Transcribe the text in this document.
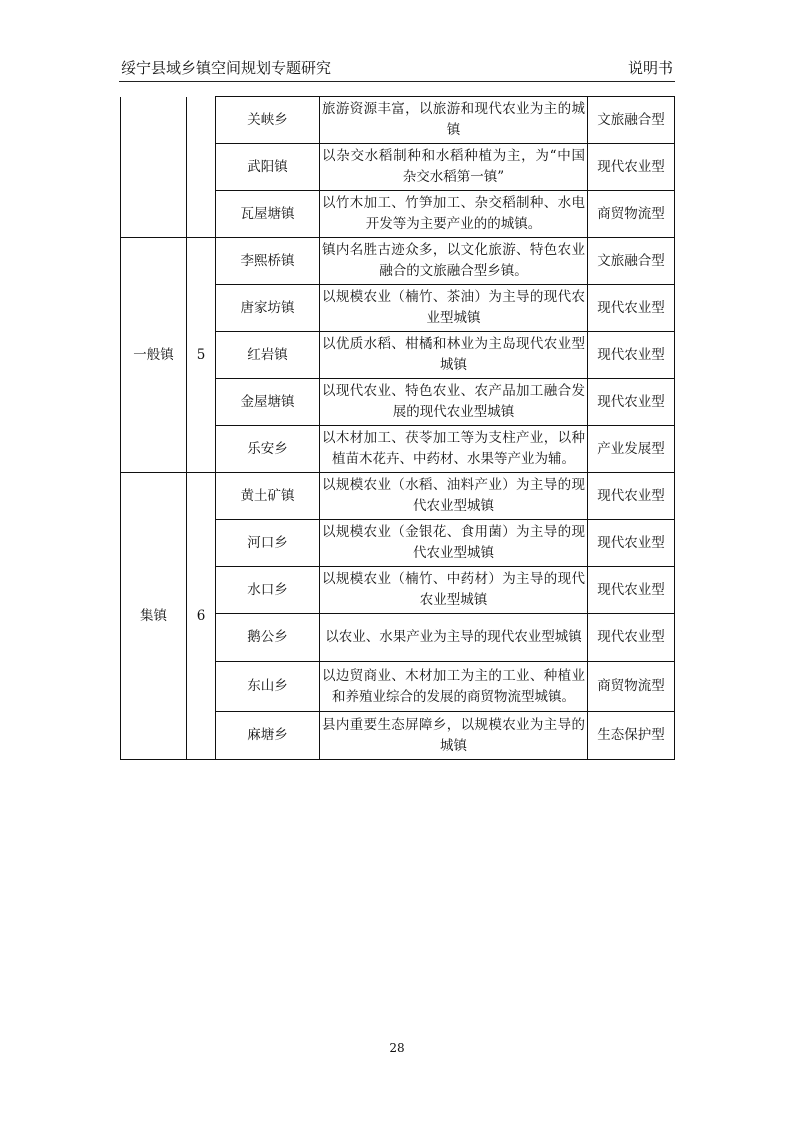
绥宁县域乡镇空间规划专题研究	说明书
		关峡乡	旅游资源丰富，以旅游和现代农业为主的城镇	文旅融合型
		武阳镇	以杂交水稻制种和水稻种植为主，为“中国杂交水稻第一镇”	现代农业型
		瓦屋塘镇	以竹木加工、竹笋加工、杂交稻制种、水电开发等为主要产业的的城镇。	商贸物流型
一般镇	5	李熙桥镇	镇内名胜古迹众多，以文化旅游、特色农业融合的文旅融合型乡镇。	文旅融合型
		唐家坊镇	以规模农业（楠竹、茶油）为主导的现代农业型城镇	现代农业型
		红岩镇	以优质水稻、柑橘和林业为主岛现代农业型城镇	现代农业型
		金屋塘镇	以现代农业、特色农业、农产品加工融合发展的现代农业型城镇	现代农业型
		乐安乡	以木材加工、茯苓加工等为支柱产业，以种植苗木花卉、中药材、水果等产业为辅。	产业发展型
集镇	6	黄土矿镇	以规模农业（水稻、油料产业）为主导的现代农业型城镇	现代农业型
		河口乡	以规模农业（金银花、食用菌）为主导的现代农业型城镇	现代农业型
		水口乡	以规模农业（楠竹、中药材）为主导的现代农业型城镇	现代农业型
		鹅公乡	以农业、水果产业为主导的现代农业型城镇	现代农业型
		东山乡	以边贸商业、木材加工为主的工业、种植业和养殖业综合的发展的商贸物流型城镇。	商贸物流型
		麻塘乡	县内重要生态屏障乡，以规模农业为主导的城镇	生态保护型
28
